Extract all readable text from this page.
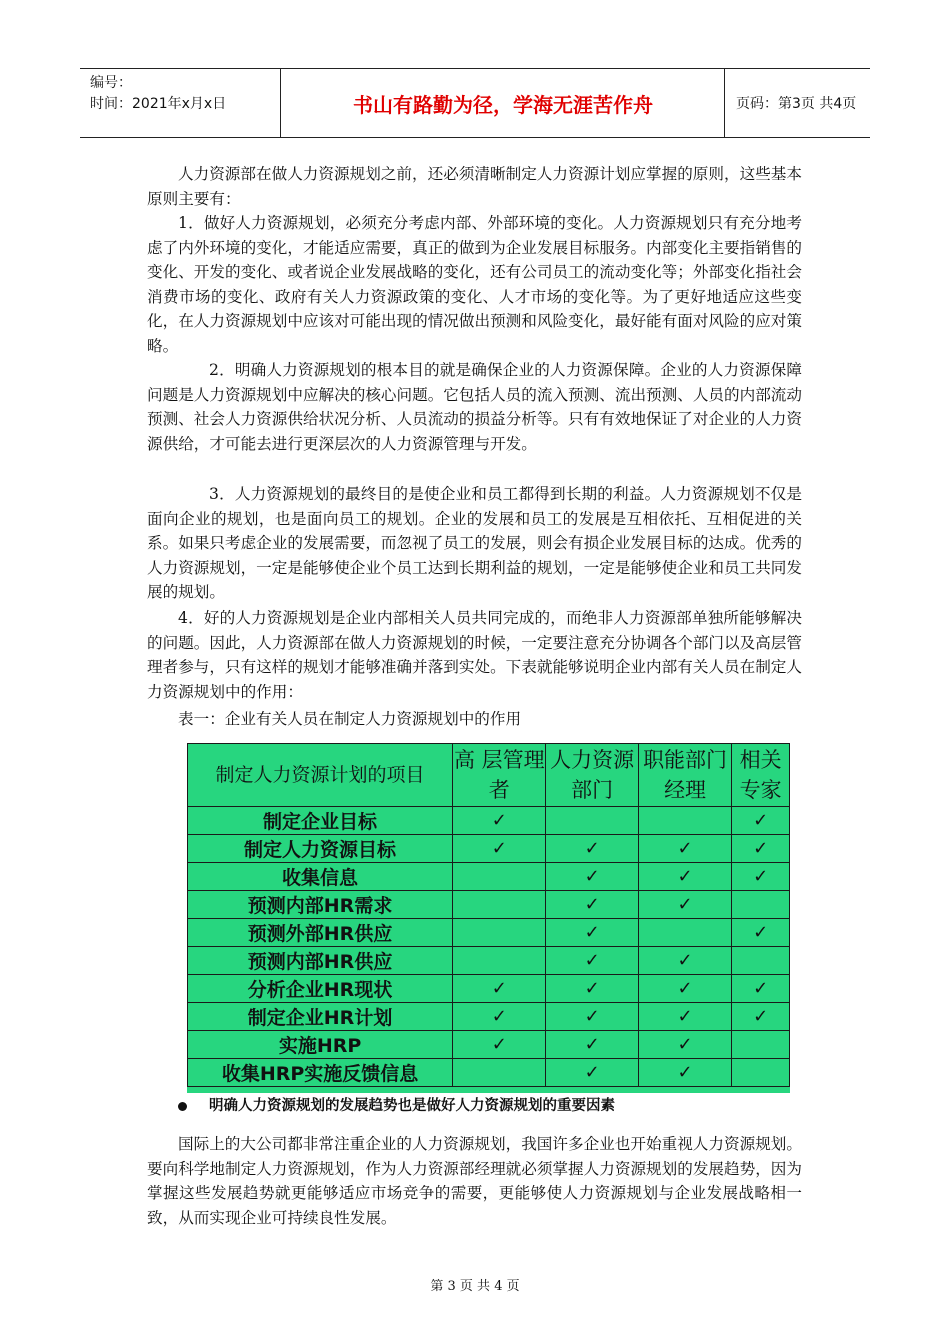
编号：
时间：2021年x月x日	书山有路勤为径，学海无涯苦作舟	页码：第3页 共4页

人力资源部在做人力资源规划之前，还必须清晰制定人力资源计划应掌握的原则，这些基本原则主要有：

1．做好人力资源规划，必须充分考虑内部、外部环境的变化。人力资源规划只有充分地考虑了内外环境的变化，才能适应需要，真正的做到为企业发展目标服务。内部变化主要指销售的变化、开发的变化、或者说企业发展战略的变化，还有公司员工的流动变化等；外部变化指社会消费市场的变化、政府有关人力资源政策的变化、人才市场的变化等。为了更好地适应这些变化，在人力资源规划中应该对可能出现的情况做出预测和风险变化，最好能有面对风险的应对策略。

2．明确人力资源规划的根本目的就是确保企业的人力资源保障。企业的人力资源保障问题是人力资源规划中应解决的核心问题。它包括人员的流入预测、流出预测、人员的内部流动预测、社会人力资源供给状况分析、人员流动的损益分析等。只有有效地保证了对企业的人力资源供给，才可能去进行更深层次的人力资源管理与开发。

3．人力资源规划的最终目的是使企业和员工都得到长期的利益。人力资源规划不仅是面向企业的规划，也是面向员工的规划。企业的发展和员工的发展是互相依托、互相促进的关系。如果只考虑企业的发展需要，而忽视了员工的发展，则会有损企业发展目标的达成。优秀的人力资源规划，一定是能够使企业个员工达到长期利益的规划，一定是能够使企业和员工共同发展的规划。

4．好的人力资源规划是企业内部相关人员共同完成的，而绝非人力资源部单独所能够解决的问题。因此，人力资源部在做人力资源规划的时候，一定要注意充分协调各个部门以及高层管理者参与，只有这样的规划才能够准确并落到实处。下表就能够说明企业内部有关人员在制定人力资源规划中的作用：

表一：企业有关人员在制定人力资源规划中的作用

制定人力资源计划的项目	高 层管理者	人力资源部门	职能部门经理	相关专家
制定企业目标	✓			✓
制定人力资源目标	✓	✓	✓	✓
收集信息		✓	✓	✓
预测内部HR需求		✓	✓	
预测外部HR供应		✓		✓
预测内部HR供应		✓	✓	
分析企业HR现状	✓	✓	✓	✓
制定企业HR计划	✓	✓	✓	✓
实施HRP	✓	✓	✓	
收集HRP实施反馈信息		✓	✓	
明确人力资源规划的发展趋势也是做好人力资源规划的重要因素

国际上的大公司都非常注重企业的人力资源规划，我国许多企业也开始重视人力资源规划。要向科学地制定人力资源规划，作为人力资源部经理就必须掌握人力资源规划的发展趋势，因为掌握这些发展趋势就更能够适应市场竞争的需要，更能够使人力资源规划与企业发展战略相一致，从而实现企业可持续良性发展。

第 3 页 共 4 页
